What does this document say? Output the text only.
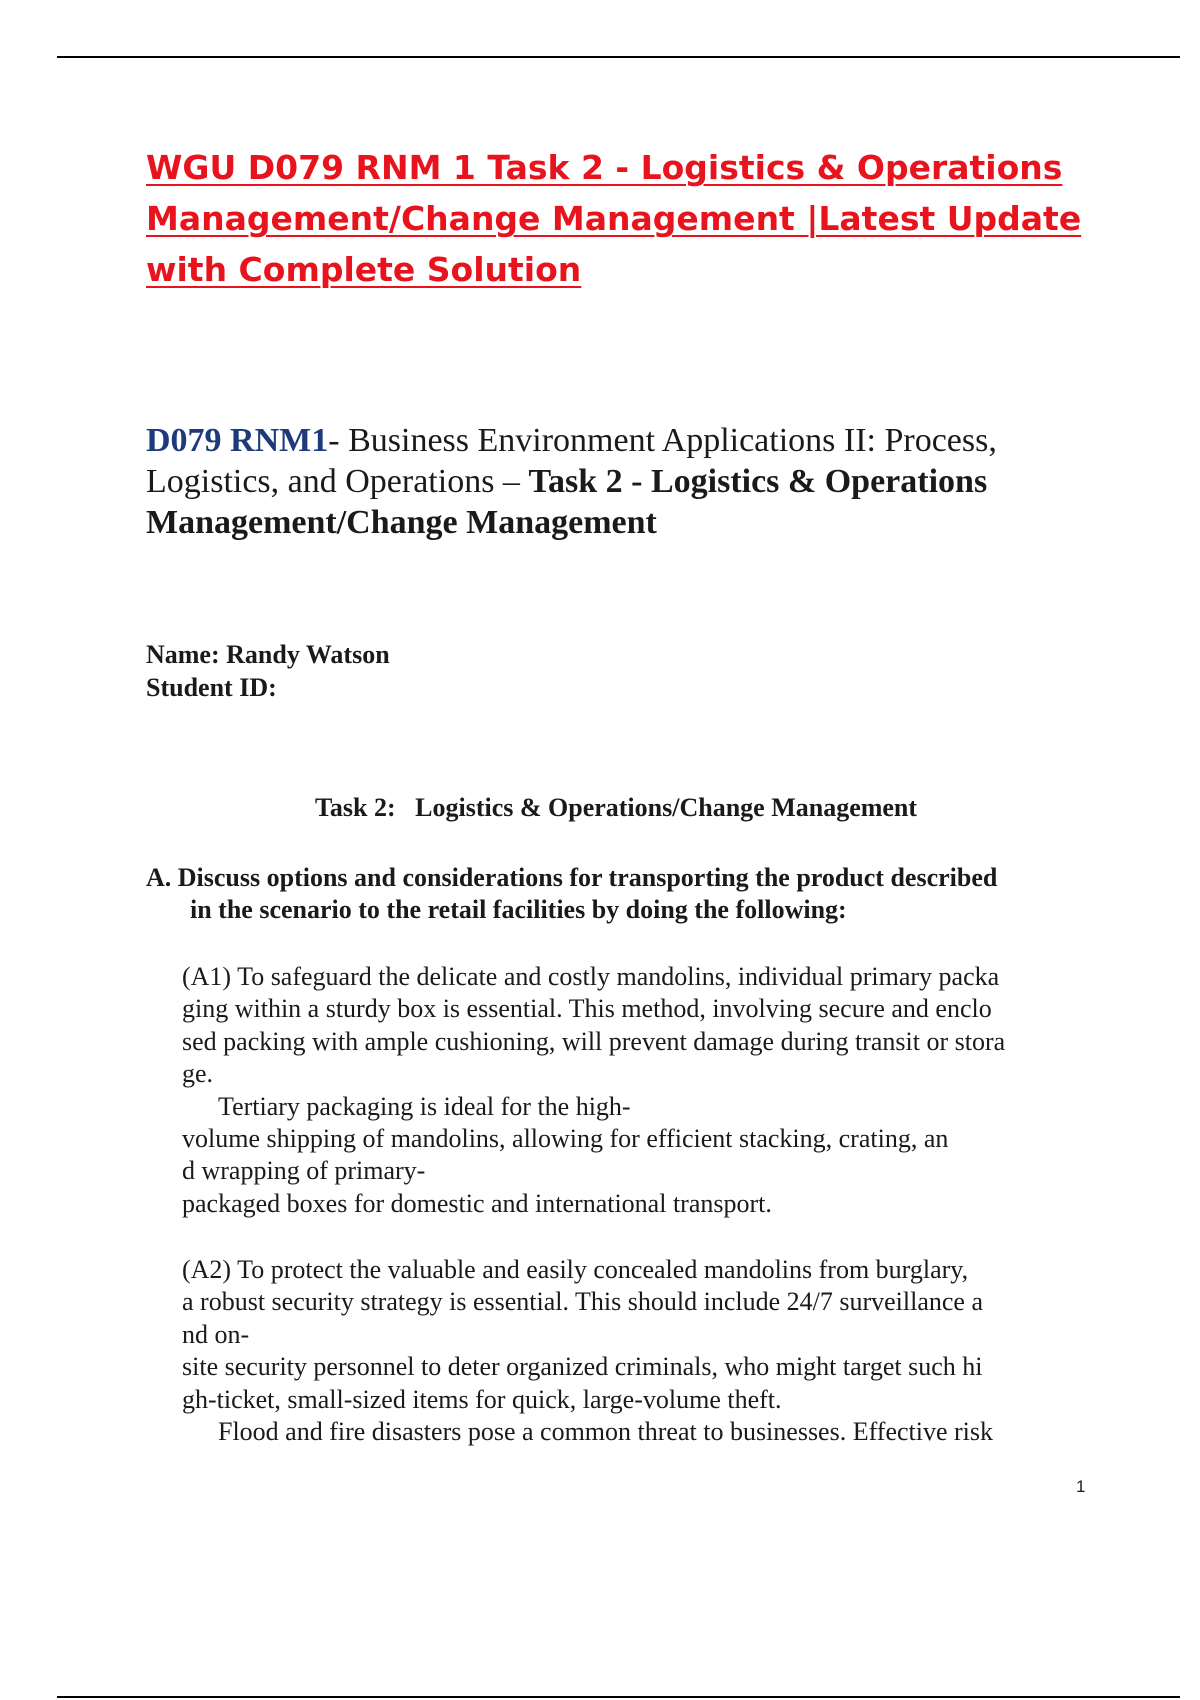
WGU D079 RNM 1 Task 2 - Logistics & Operations
Management/Change Management |Latest Update
with Complete Solution
D079 RNM1- Business Environment Applications II: Process, Logistics, and Operations – Task 2 - Logistics & Operations Management/Change Management
Name: Randy Watson
Student ID:
Task 2:   Logistics & Operations/Change Management
A. Discuss options and considerations for transporting the product described
in the scenario to the retail facilities by doing the following:
(A1) To safeguard the delicate and costly mandolins, individual primary packa
ging within a sturdy box is essential. This method, involving secure and enclo
sed packing with ample cushioning, will prevent damage during transit or stora
ge.
Tertiary packaging is ideal for the high-
volume shipping of mandolins, allowing for efficient stacking, crating, an
d wrapping of primary-
packaged boxes for domestic and international transport.
(A2) To protect the valuable and easily concealed mandolins from burglary,
a robust security strategy is essential. This should include 24/7 surveillance a
nd on-
site security personnel to deter organized criminals, who might target such hi
gh-ticket, small-sized items for quick, large-volume theft.
Flood and fire disasters pose a common threat to businesses. Effective risk
1
